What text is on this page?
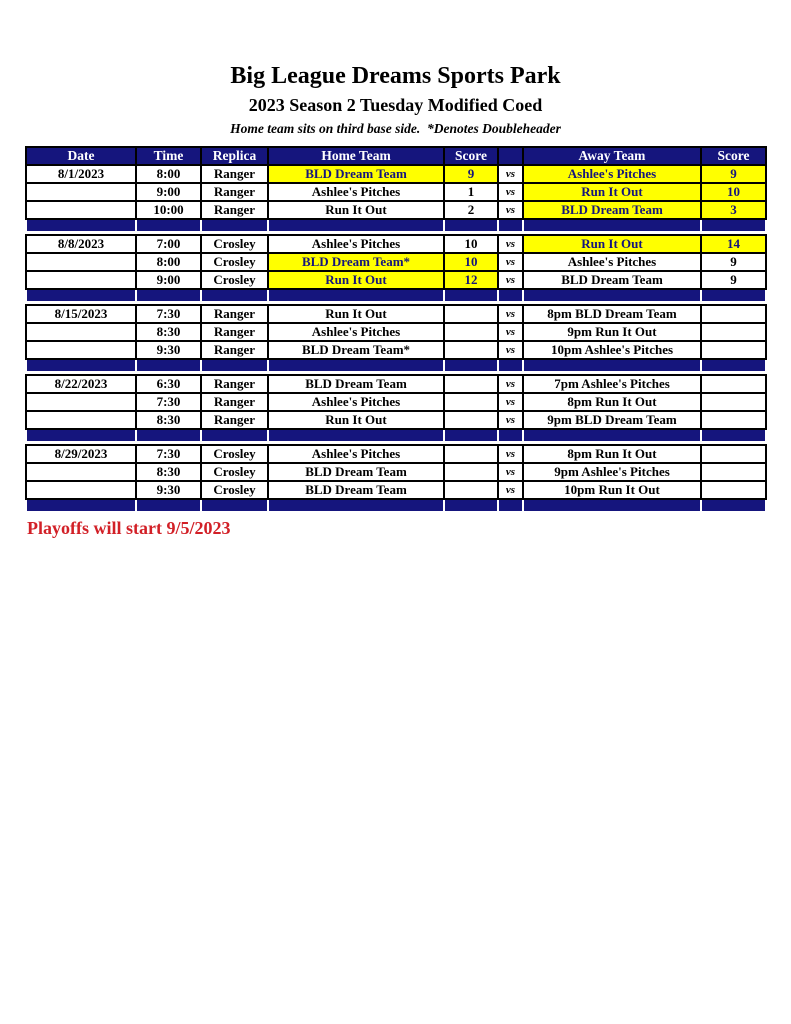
Big League Dreams Sports Park
2023 Season 2 Tuesday Modified Coed
Home team sits on third base side.  *Denotes Doubleheader
Date	Time	Replica	Home Team	Score		Away Team	Score
8/1/2023	8:00	Ranger	BLD Dream Team	9	vs	Ashlee's Pitches	9
	9:00	Ranger	Ashlee's Pitches	1	vs	Run It Out	10
	10:00	Ranger	Run It Out	2	vs	BLD Dream Team	3

8/8/2023	7:00	Crosley	Ashlee's Pitches	10	vs	Run It Out	14
	8:00	Crosley	BLD Dream Team*	10	vs	Ashlee's Pitches	9
	9:00	Crosley	Run It Out	12	vs	BLD Dream Team	9

8/15/2023	7:30	Ranger	Run It Out		vs	8pm BLD Dream Team	
	8:30	Ranger	Ashlee's Pitches		vs	9pm Run It Out	
	9:30	Ranger	BLD Dream Team*		vs	10pm Ashlee's Pitches	

8/22/2023	6:30	Ranger	BLD Dream Team		vs	7pm Ashlee's Pitches	
	7:30	Ranger	Ashlee's Pitches		vs	8pm Run It Out	
	8:30	Ranger	Run It Out		vs	9pm BLD Dream Team	

8/29/2023	7:30	Crosley	Ashlee's Pitches		vs	8pm Run It Out	
	8:30	Crosley	BLD Dream Team		vs	9pm Ashlee's Pitches	
	9:30	Crosley	BLD Dream Team		vs	10pm Run It Out	

Playoffs will start 9/5/2023
